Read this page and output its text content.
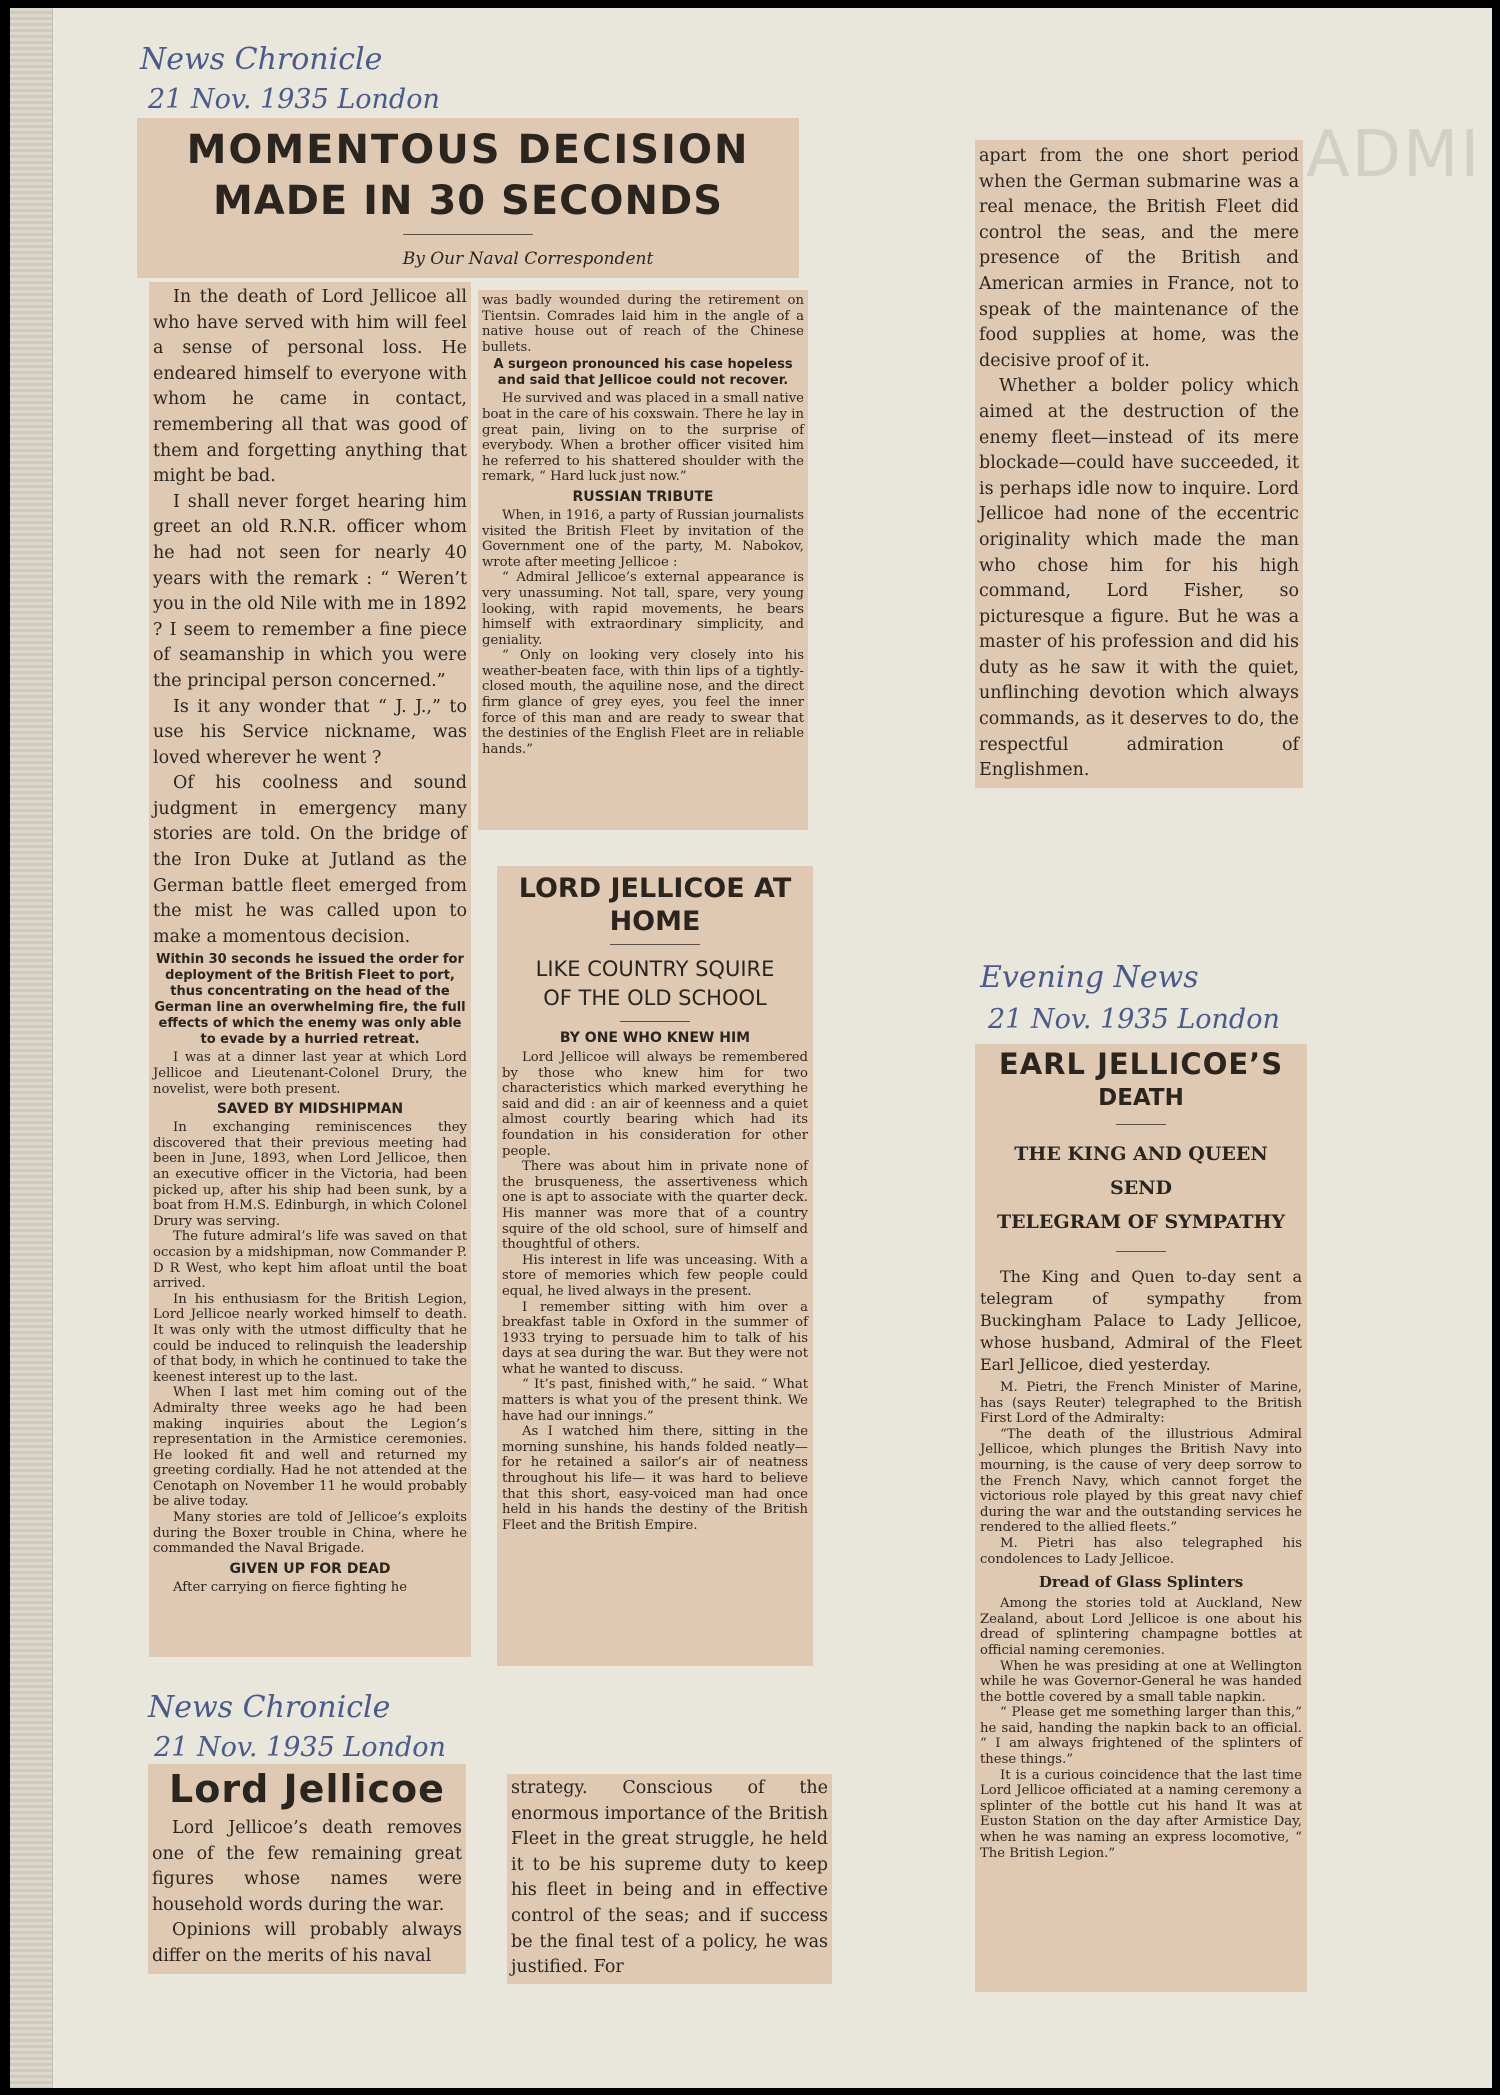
ADMI
News Chronicle
21 Nov. 1935 London
News Chronicle
21 Nov. 1935 London
Evening News
21 Nov. 1935 London
MOMENTOUS DECISION
MADE IN 30 SECONDS
By Our Naval Correspondent

In the death of Lord Jellicoe all who have served with him will feel a sense of personal loss. He endeared himself to everyone with whom he came in contact, remembering all that was good of them and forgetting anything that might be bad.

I shall never forget hearing him greet an old R.N.R. officer whom he had not seen for nearly 40 years with the remark : “ Weren’t you in the old Nile with me in 1892 ? I seem to remember a fine piece of seamanship in which you were the principal person concerned.”

Is it any wonder that “ J. J.,” to use his Service nickname, was loved wherever he went ?

Of his coolness and sound judgment in emergency many stories are told. On the bridge of the Iron Duke at Jutland as the German battle fleet emerged from the mist he was called upon to make a momentous decision.

Within 30 seconds he issued the order for deployment of the British Fleet to port, thus concentrating on the head of the German line an overwhelming fire, the full effects of which the enemy was only able to evade by a hurried retreat.

I was at a dinner last year at which Lord Jellicoe and Lieutenant-Colonel Drury, the novelist, were both present.

SAVED BY MIDSHIPMAN

In exchanging reminiscences they discovered that their previous meeting had been in June, 1893, when Lord Jellicoe, then an executive officer in the Victoria, had been picked up, after his ship had been sunk, by a boat from H.M.S. Edinburgh, in which Colonel Drury was serving.

The future admiral’s life was saved on that occasion by a midshipman, now Commander P. D R West, who kept him afloat until the boat arrived.

In his enthusiasm for the British Legion, Lord Jellicoe nearly worked himself to death. It was only with the utmost difficulty that he could be induced to relinquish the leadership of that body, in which he continued to take the keenest interest up to the last.

When I last met him coming out of the Admiralty three weeks ago he had been making inquiries about the Legion’s representation in the Armistice ceremonies. He looked fit and well and returned my greeting cordially. Had he not attended at the Cenotaph on November 11 he would probably be alive today.

Many stories are told of Jellicoe’s exploits during the Boxer trouble in China, where he commanded the Naval Brigade.

GIVEN UP FOR DEAD

After carrying on fierce fighting he

was badly wounded during the retirement on Tientsin. Comrades laid him in the angle of a native house out of reach of the Chinese bullets.

A surgeon pronounced his case hopeless and said that Jellicoe could not recover.

He survived and was placed in a small native boat in the care of his coxswain. There he lay in great pain, living on to the surprise of everybody. When a brother officer visited him he referred to his shattered shoulder with the remark, “ Hard luck just now.”

RUSSIAN TRIBUTE

When, in 1916, a party of Russian journalists visited the British Fleet by invitation of the Government one of the party, M. Nabokov, wrote after meeting Jellicoe :

“ Admiral Jellicoe’s external appearance is very unassuming. Not tall, spare, very young looking, with rapid movements, he bears himself with extraordinary simplicity, and geniality.

“ Only on looking very closely into his weather-beaten face, with thin lips of a tightly-closed mouth, the aquiline nose, and the direct firm glance of grey eyes, you feel the inner force of this man and are ready to swear that the destinies of the English Fleet are in reliable hands.”

apart from the one short period when the German submarine was a real menace, the British Fleet did control the seas, and the mere presence of the British and American armies in France, not to speak of the maintenance of the food supplies at home, was the decisive proof of it.

Whether a bolder policy which aimed at the destruction of the enemy fleet—instead of its mere blockade—could have succeeded, it is perhaps idle now to inquire. Lord Jellicoe had none of the eccentric originality which made the man who chose him for his high command, Lord Fisher, so picturesque a figure. But he was a master of his profession and did his duty as he saw it with the quiet, unflinching devotion which always commands, as it deserves to do, the respectful admiration of Englishmen.

LORD JELLICOE AT
HOME
LIKE COUNTRY SQUIRE
OF THE OLD SCHOOL
BY ONE WHO KNEW HIM

Lord Jellicoe will always be remembered by those who knew him for two characteristics which marked everything he said and did : an air of keenness and a quiet almost courtly bearing which had its foundation in his consideration for other people.

There was about him in private none of the brusqueness, the assertiveness which one is apt to associate with the quarter deck. His manner was more that of a country squire of the old school, sure of himself and thoughtful of others.

His interest in life was unceasing. With a store of memories which few people could equal, he lived always in the present.

I remember sitting with him over a breakfast table in Oxford in the summer of 1933 trying to persuade him to talk of his days at sea during the war. But they were not what he wanted to discuss.

“ It’s past, finished with,” he said. “ What matters is what you of the present think. We have had our innings.”

As I watched him there, sitting in the morning sunshine, his hands folded neatly—for he retained a sailor’s air of neatness throughout his life— it was hard to believe that this short, easy-voiced man had once held in his hands the destiny of the British Fleet and the British Empire.

EARL JELLICOE’S
DEATH
THE KING AND QUEEN SEND
TELEGRAM OF SYMPATHY

The King and Quen to-day sent a telegram of sympathy from Buckingham Palace to Lady Jellicoe, whose husband, Admiral of the Fleet Earl Jellicoe, died yesterday.

M. Pietri, the French Minister of Marine, has (says Reuter) telegraphed to the British First Lord of the Admiralty:

“The death of the illustrious Admiral Jellicoe, which plunges the British Navy into mourning, is the cause of very deep sorrow to the French Navy, which cannot forget the victorious role played by this great navy chief during the war and the outstanding services he rendered to the allied fleets.”

M. Pietri has also telegraphed his condolences to Lady Jellicoe.

Dread of Glass Splinters

Among the stories told at Auckland, New Zealand, about Lord Jellicoe is one about his dread of splintering champagne bottles at official naming ceremonies.

When he was presiding at one at Wellington while he was Governor-General he was handed the bottle covered by a small table napkin.

“ Please get me something larger than this,” he said, handing the napkin back to an official. “ I am always frightened of the splinters of these things.”

It is a curious coincidence that the last time Lord Jellicoe officiated at a naming ceremony a splinter of the bottle cut his hand It was at Euston Station on the day after Armistice Day, when he was naming an express locomotive, “ The British Legion.”

Lord Jellicoe

Lord Jellicoe’s death removes one of the few remaining great figures whose names were household words during the war.

Opinions will probably always differ on the merits of his naval

strategy. Conscious of the enormous importance of the British Fleet in the great struggle, he held it to be his supreme duty to keep his fleet in being and in effective control of the seas; and if success be the final test of a policy, he was justified. For
